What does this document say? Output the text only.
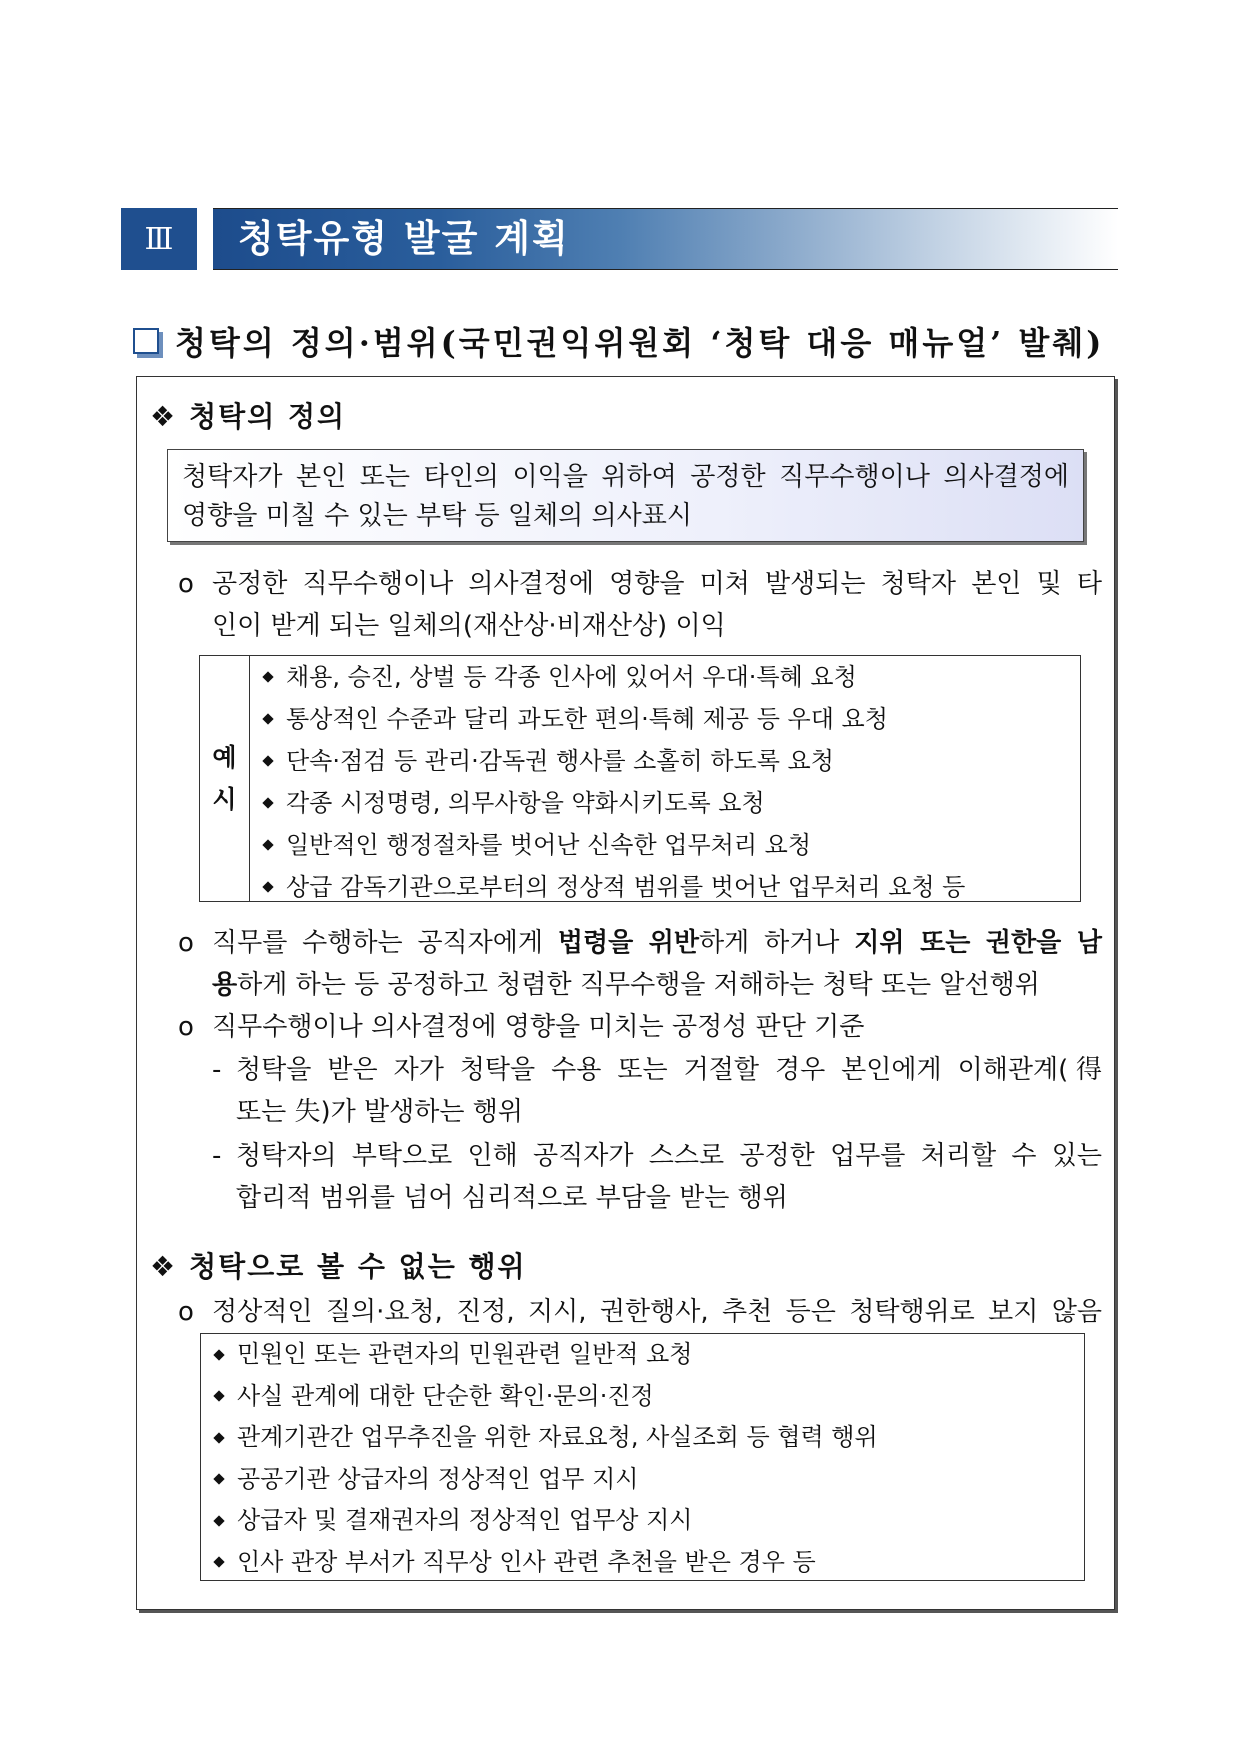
Ⅲ	청탁유형 발굴 계획
청탁의 정의·범위(국민권익위원회 ‘청탁 대응 매뉴얼’ 발췌)
❖ 청탁의 정의
청탁자가 본인 또는 타인의 이익을 위하여 공정한 직무수행이나 의사결정에
영향을 미칠 수 있는 부탁 등 일체의 의사표시
ο 공정한 직무수행이나 의사결정에 영향을 미쳐 발생되는 청탁자 본인 및 타
인이 받게 되는 일체의(재산상·비재산상) 이익
예
시
채용, 승진, 상벌 등 각종 인사에 있어서 우대·특혜 요청
통상적인 수준과 달리 과도한 편의·특혜 제공 등 우대 요청
단속·점검 등 관리·감독권 행사를 소홀히 하도록 요청
각종 시정명령, 의무사항을 약화시키도록 요청
일반적인 행정절차를 벗어난 신속한 업무처리 요청
상급 감독기관으로부터의 정상적 범위를 벗어난 업무처리 요청 등
ο 직무를 수행하는 공직자에게 법령을 위반하게 하거나 지위 또는 권한을 남
용하게 하는 등 공정하고 청렴한 직무수행을 저해하는 청탁 또는 알선행위
ο 직무수행이나 의사결정에 영향을 미치는 공정성 판단 기준
- 청탁을 받은 자가 청탁을 수용 또는 거절할 경우 본인에게 이해관계(得
또는 失)가 발생하는 행위
- 청탁자의 부탁으로 인해 공직자가 스스로 공정한 업무를 처리할 수 있는
합리적 범위를 넘어 심리적으로 부담을 받는 행위
❖ 청탁으로 볼 수 없는 행위
ο 정상적인 질의·요청, 진정, 지시, 권한행사, 추천 등은 청탁행위로 보지 않음
민원인 또는 관련자의 민원관련 일반적 요청
사실 관계에 대한 단순한 확인·문의·진정
관계기관간 업무추진을 위한 자료요청, 사실조회 등 협력 행위
공공기관 상급자의 정상적인 업무 지시
상급자 및 결재권자의 정상적인 업무상 지시
인사 관장 부서가 직무상 인사 관련 추천을 받은 경우 등
